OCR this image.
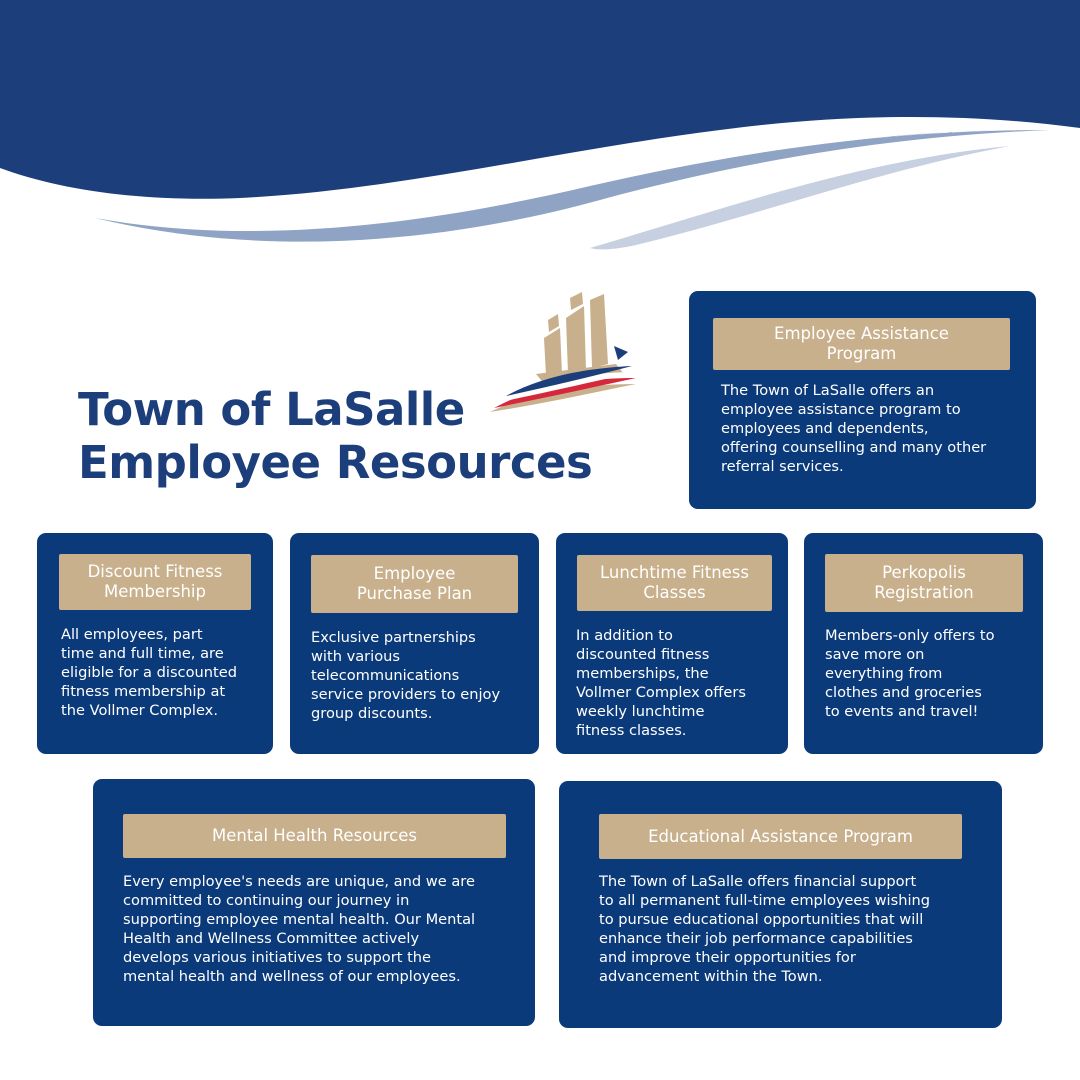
Town of LaSalle
Employee Resources
Employee Assistance
Program

The Town of LaSalle offers an
employee assistance program to
employees and dependents,
offering counselling and many other
referral services.

Discount Fitness
Membership

All employees, part
time and full time, are
eligible for a discounted
fitness membership at
the Vollmer Complex.

Employee
Purchase Plan

Exclusive partnerships
with various
telecommunications
service providers to enjoy
group discounts.

Lunchtime Fitness
Classes

In addition to
discounted fitness
memberships, the
Vollmer Complex offers
weekly lunchtime
fitness classes.

Perkopolis
Registration

Members-only offers to
save more on
everything from
clothes and groceries
to events and travel!

Mental Health Resources

Every employee's needs are unique, and we are
committed to continuing our journey in
supporting employee mental health. Our Mental
Health and Wellness Committee actively
develops various initiatives to support the
mental health and wellness of our employees.

Educational Assistance Program

The Town of LaSalle offers financial support
to all permanent full-time employees wishing
to pursue educational opportunities that will
enhance their job performance capabilities
and improve their opportunities for
advancement within the Town.
